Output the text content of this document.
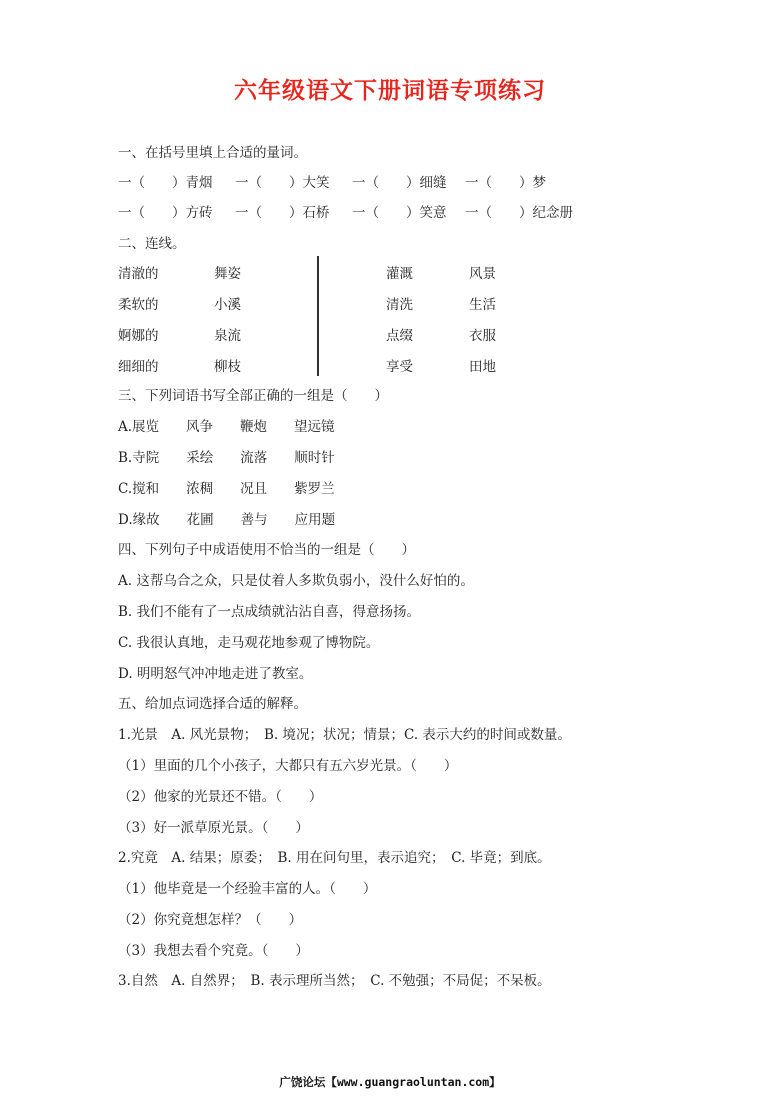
六年级语文下册词语专项练习
一、在括号里填上合适的量词。
一（　　）青烟 一（　　）大笑 一（　　）细缝 一（　　）梦
一（　　）方砖 一（　　）石桥 一（　　）笑意 一（　　）纪念册
二、连线。
清澈的
柔软的
婀娜的
细细的
舞姿
小溪
泉流
柳枝
灌溉
清洗
点缀
享受
风景
生活
衣服
田地
三、下列词语书写全部正确的一组是（　　）
A.展览　　风争　　鞭炮　　望远镜
B.寺院　　采绘　　流落　　顺时针
C.搅和　　浓稠　　况且　　紫罗兰
D.缘故　　花圃　　善与　　应用题
四、下列句子中成语使用不恰当的一组是（　　）
A. 这帮乌合之众，只是仗着人多欺负弱小，没什么好怕的。
B. 我们不能有了一点成绩就沾沾自喜，得意扬扬。
C. 我很认真地，走马观花地参观了博物院。
D. 明明怒气冲冲地走进了教室。
五、给加点词选择合适的解释。
1.光景　A. 风光景物；　B. 境况；状况；情景；C. 表示大约的时间或数量。
（1）里面的几个小孩子，大都只有五六岁光景。（　　）
（2）他家的光景还不错。（　　）
（3）好一派草原光景。（　　）
2.究竟　A. 结果；原委；　B. 用在问句里，表示追究；　C. 毕竟；到底。
（1）他毕竟是一个经验丰富的人。（　　）
（2）你究竟想怎样？（　　）
（3）我想去看个究竟。（　　）
3.自然　A. 自然界；　B. 表示理所当然；　C. 不勉强；不局促；不呆板。
广饶论坛【www.guangraoluntan.com】
